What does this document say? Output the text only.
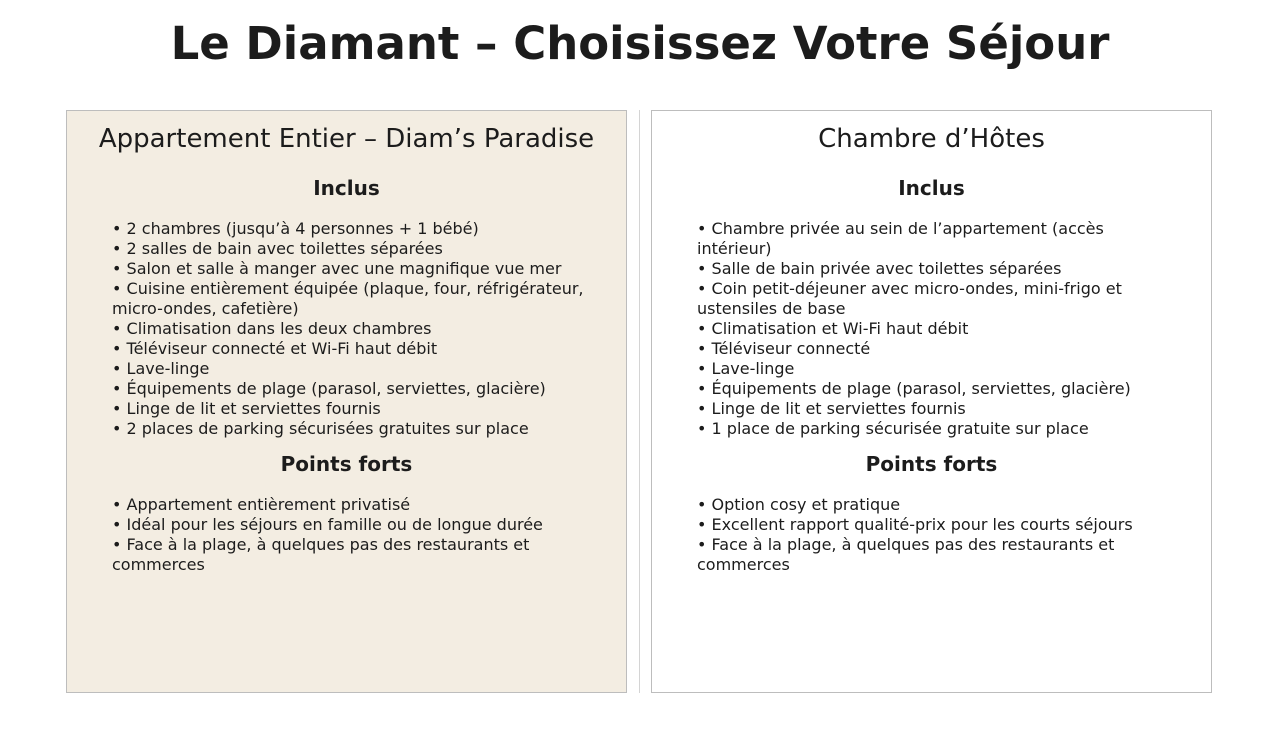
Le Diamant – Choisissez Votre Séjour
Appartement Entier – Diam’s Paradise
Inclus
• 2 chambres (jusqu’à 4 personnes + 1 bébé)
• 2 salles de bain avec toilettes séparées
• Salon et salle à manger avec une magnifique vue mer
• Cuisine entièrement équipée (plaque, four, réfrigérateur, micro-ondes, cafetière)
• Climatisation dans les deux chambres
• Téléviseur connecté et Wi-Fi haut débit
• Lave-linge
• Équipements de plage (parasol, serviettes, glacière)
• Linge de lit et serviettes fournis
• 2 places de parking sécurisées gratuites sur place
Points forts
• Appartement entièrement privatisé
• Idéal pour les séjours en famille ou de longue durée
• Face à la plage, à quelques pas des restaurants et commerces
Chambre d’Hôtes
Inclus
• Chambre privée au sein de l’appartement (accès intérieur)
• Salle de bain privée avec toilettes séparées
• Coin petit-déjeuner avec micro-ondes, mini-frigo et ustensiles de base
• Climatisation et Wi-Fi haut débit
• Téléviseur connecté
• Lave-linge
• Équipements de plage (parasol, serviettes, glacière)
• Linge de lit et serviettes fournis
• 1 place de parking sécurisée gratuite sur place
Points forts
• Option cosy et pratique
• Excellent rapport qualité-prix pour les courts séjours
• Face à la plage, à quelques pas des restaurants et commerces
